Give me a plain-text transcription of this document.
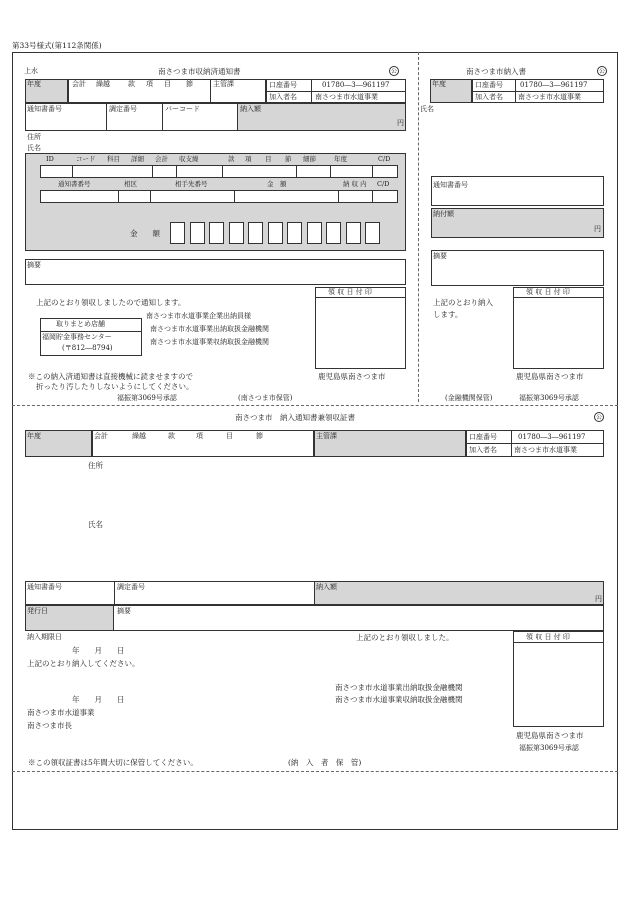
第33号様式(第112条関係)
上水	南さつま市収納済通知書	公
年度	会計 繰越	款 項 目 節	主管課	口座番号	01780―3―961197
加入者名	南さつま市水道事業
通知書番号	調定番号	バーコード	納入額
円
住所
氏名
ID	コード 科目 詳細 会計 収支繰	款 項 目 節 細節	年度	C/D
通知書番号	相区	相手先番号	金　額	納 収 内 C/D
金　　額
摘要
領 収 日 付 印
上記のとおり領収しましたので通知します。
取りまとめ店舗
福岡貯金事務センター
(〒812―8794)
南さつま市水道事業企業出納員様
南さつま市水道事業出納取扱金融機関
南さつま市水道事業収納取扱金融機関
※この納入済通知書は直接機械に読ませますので
折ったり汚したりしないようにしてください。
福振第3069号承認	(南さつま市保管)
鹿児島県南さつま市
南さつま市納入書	公
年度	口座番号 01780―3―961197
加入者名 南さつま市水道事業
氏名
通知書番号
納付額
円
摘要
領 収 日 付 印
上記のとおり納入
します。
鹿児島県南さつま市
(金融機関保管)	福振第3069号承認
南さつま市　納入通知書兼領収証書	公
年度	会計	繰越	款	項	目	節	主管課	口座番号	01780―3―961197
加入者名 南さつま市水道事業
住所
氏名
通知書番号	調定番号	納入額
円
発行日	摘要
納入期限日
年　　月　　日
上記のとおり納入してください。
上記のとおり領収しました。	領 収 日 付 印
南さつま市水道事業出納取扱金融機関
南さつま市水道事業収納取扱金融機関
年　　月　　日
南さつま市水道事業
南さつま市長
鹿児島県南さつま市
福振第3069号承認
※この領収証書は5年間大切に保管してください。	(納　入　者　保　管)
